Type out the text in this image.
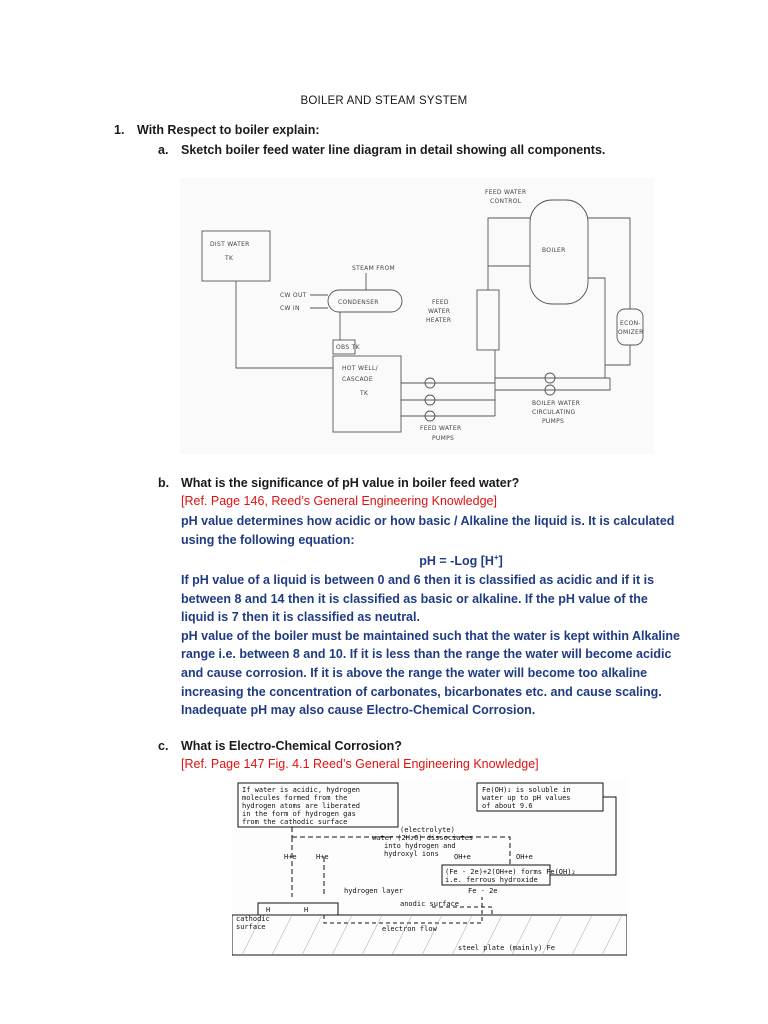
BOILER AND STEAM SYSTEM
1. With Respect to boiler explain:
a. Sketch boiler feed water line diagram in detail showing all components.
DIST WATER
TK
STEAM FROM
CW OUT
CW IN
CONDENSER	FEED
WATER
HEATER
OBS TK
HOT WELL/
CASCADE
TK
FEED WATER
PUMPS
FEED WATER
CONTROL
BOILER
ECON-
OMIZER
BOILER WATER
CIRCULATING
PUMPS
b. What is the significance of pH value in boiler feed water?
[Ref. Page 146, Reed’s General Engineering Knowledge]

pH value determines how acidic or how basic / Alkaline the liquid is. It is calculated using the following equation:

pH = -Log [H+]

If pH value of a liquid is between 0 and 6 then it is classified as acidic and if it is between 8 and 14 then it is classified as basic or alkaline. If the pH value of the liquid is 7 then it is classified as neutral.

pH value of the boiler must be maintained such that the water is kept within Alkaline range i.e. between 8 and 10. If it is less than the range the water will become acidic and cause corrosion. If it is above the range the water will become too alkaline increasing the concentration of carbonates, bicarbonates etc. and cause scaling. Inadequate pH may also cause Electro-Chemical Corrosion.

c. What is Electro-Chemical Corrosion?
[Ref. Page 147 Fig. 4.1 Reed’s General Engineering Knowledge]
If water is acidic, hydrogen
molecules formed from the
hydrogen atoms are liberated
in the form of hydrogen gas
from the cathodic surface
Fe(OH)₂ is soluble in
water up to pH values
of about 9.6
(electrolyte)
water (2H₂O) dissociates
into hydrogen and
hydroxyl ions
H+e	H+e	OH+e	OH+e
(Fe - 2e)+2(OH+e) forms Fe(OH)₂
i.e. ferrous hydroxide
hydrogen layer	Fe - 2e
H	H
anodic surface
cathodic
surface	electron flow
steel plate (mainly) Fe
